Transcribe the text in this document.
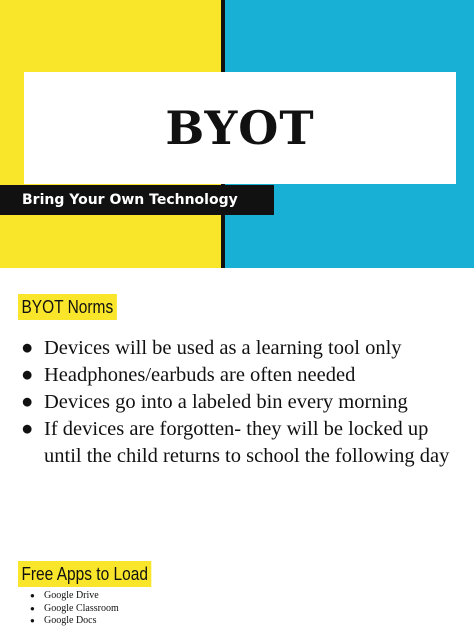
BYOT
Bring Your Own Technology
BYOT Norms
● Devices will be used as a learning tool only
● Headphones/earbuds are often needed
● Devices go into a labeled bin every morning
● If devices are forgotten- they will be locked up until the child returns to school the following day
Free Apps to Load
● Google Drive
● Google Classroom
● Google Docs
